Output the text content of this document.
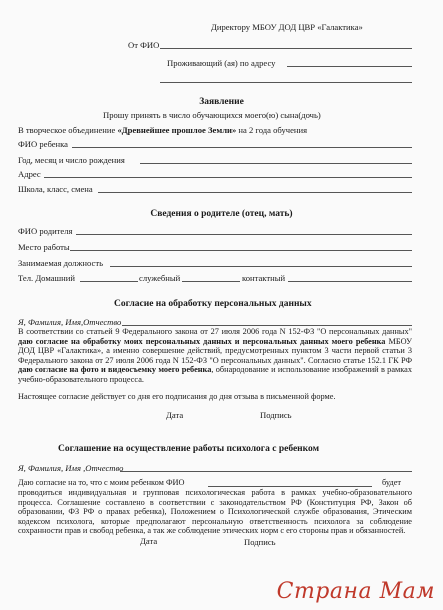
Директору МБОУ ДОД ЦВР «Галактика»
От ФИО
Проживающий (ая) по адресу
Заявление
Прошу принять в число обучающихся моего(ю) сына(дочь)
В творческое объединение «Древнейшее прошлое Земли» на 2 года обучения
ФИО ребенка
Год, месяц и число рождения
Адрес
Школа, класс, смена
Сведения о родителе (отец, мать)
ФИО родителя
Место работы
Занимаемая должность
Тел. Домашний	служебный	контактный
Согласие на обработку персональных данных
Я, Фамилия, Имя,Отчество
В соответствии со статьей 9 Федерального закона от 27 июля 2006 года N 152-ФЗ "О персональных данных" даю согласие на обработку моих персональных данных и персональных данных моего ребенка МБОУ ДОД ЦВР «Галактика», а именно совершение действий, предусмотренных пунктом 3 части первой статьи 3 Федерального закона от 27 июля 2006 года N 152-ФЗ "О персональных данных". Согласно статье 152.1 ГК РФ даю согласие на фото и видеосъемку моего ребенка, обнародование и использование изображений в рамках учебно-образовательного процесса.
Настоящее согласие действует со дня его подписания до дня отзыва в письменной форме.
Дата	Подпись
Соглашение на осуществление работы психолога с ребенком
Я, Фамилия, Имя ,Отчество
Даю согласие на то, что с моим ребенком ФИО	будет
проводиться индивидуальная и групповая психологическая работа в рамках учебно-образовательного процесса. Соглашение составлено в соответствии с законодательством РФ (Конституция РФ, Закон об образовании, ФЗ РФ о правах ребенка), Положением о Психологической службе образования, Этическим кодексом психолога, которые предполагают персональную ответственность психолога за соблюдение сохранности прав и свобод ребенка, а так же соблюдение этических норм с его стороны прав и обязанностей.
Дата	Подпись
Страна Мам
